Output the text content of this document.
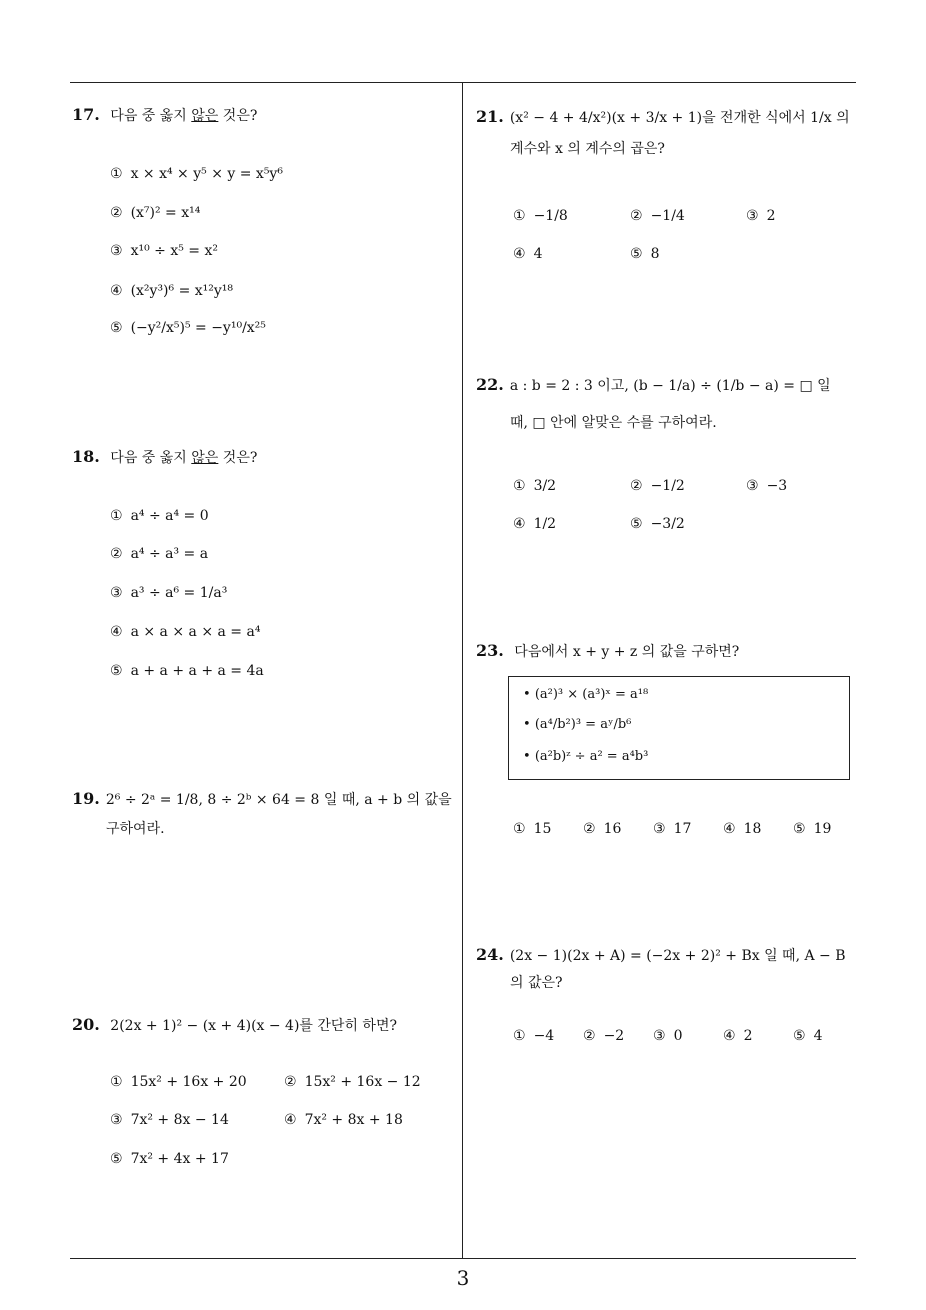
17. 다음 중 옳지 않은 것은?
① x × x⁴ × y⁵ × y = x⁵y⁶
② (x⁷)² = x¹⁴
③ x¹⁰ ÷ x⁵ = x²
④ (x²y³)⁶ = x¹²y¹⁸
⑤ (−y²/x⁵)⁵ = −y¹⁰/x²⁵
18. 다음 중 옳지 않은 것은?
① a⁴ ÷ a⁴ = 0
② a⁴ ÷ a³ = a
③ a³ ÷ a⁶ = 1/a³
④ a × a × a × a = a⁴
⑤ a + a + a + a = 4a
19. 2⁶ ÷ 2ᵃ = 1/8, 8 ÷ 2ᵇ × 64 = 8 일 때, a + b 의 값을
구하여라.
20. 2(2x + 1)² − (x + 4)(x − 4)를 간단히 하면?
① 15x² + 16x + 20	② 15x² + 16x − 12
③ 7x² + 8x − 14	④ 7x² + 8x + 18
⑤ 7x² + 4x + 17
21. (x² − 4 + 4/x²)(x + 3/x + 1)을 전개한 식에서 1/x 의
계수와 x 의 계수의 곱은?
① −1/8	② −1/4	③ 2
④ 4	⑤ 8
22. a : b = 2 : 3 이고, (b − 1/a) ÷ (1/b − a) = □ 일
때, □ 안에 알맞은 수를 구하여라.
① 3/2	② −1/2	③ −3
④ 1/2	⑤ −3/2
23. 다음에서 x + y + z 의 값을 구하면?
• (a²)³ × (a³)ˣ = a¹⁸
• (a⁴/b²)³ = aʸ/b⁶
• (a²b)ᶻ ÷ a² = a⁴b³
① 15 ② 16 ③ 17 ④ 18 ⑤ 19
24. (2x − 1)(2x + A) = (−2x + 2)² + Bx 일 때, A − B
의 값은?
① −4 ② −2 ③ 0	④ 2	⑤ 4
3
